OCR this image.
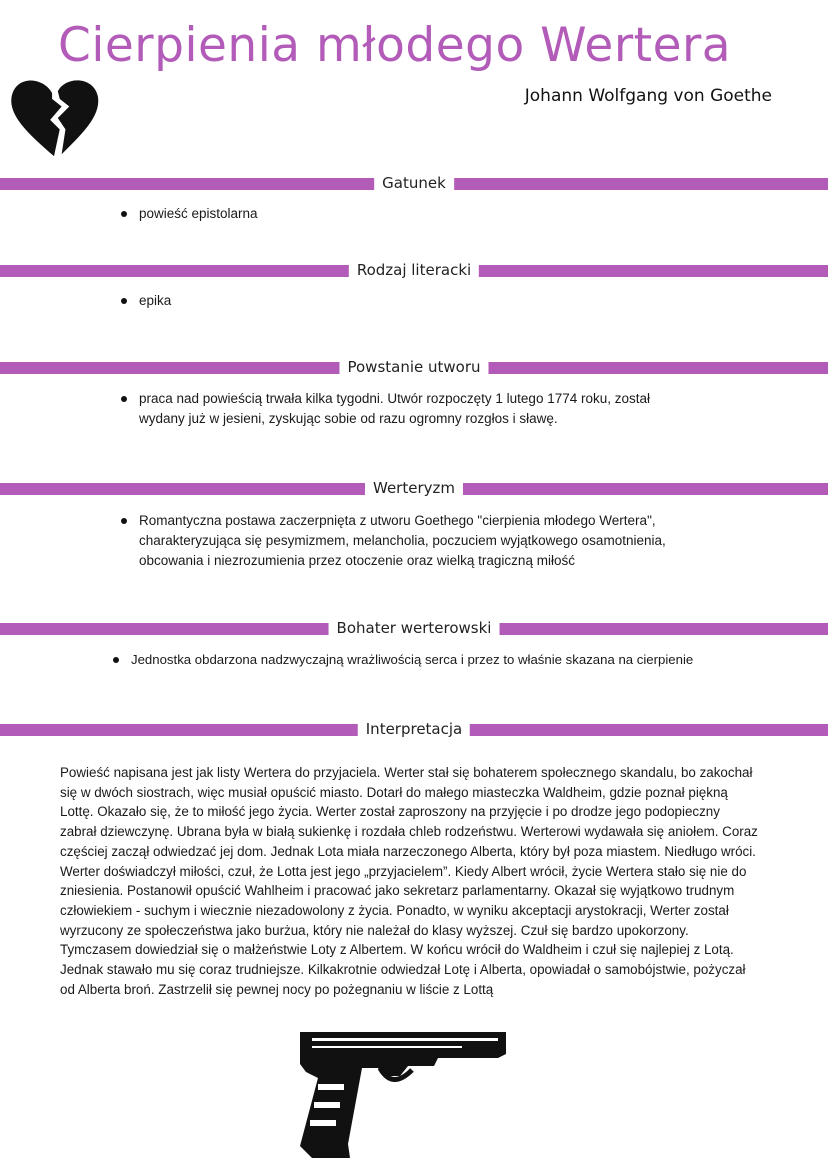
Cierpienia młodego Wertera
Johann Wolfgang von Goethe
Gatunek
powieść epistolarna
Rodzaj literacki
epika
Powstanie utworu
praca nad powieścią trwała kilka tygodni. Utwór rozpoczęty 1 lutego 1774 roku, został wydany już w jesieni, zyskując sobie od razu ogromny rozgłos i sławę.
Werteryzm
Romantyczna postawa zaczerpnięta z utworu Goethego "cierpienia młodego Wertera", charakteryzująca się pesymizmem, melancholia, poczuciem wyjątkowego osamotnienia, obcowania i niezrozumienia przez otoczenie oraz wielką tragiczną miłość
Bohater werterowski
Jednostka obdarzona nadzwyczajną wrażliwością serca i przez to właśnie skazana na cierpienie
Interpretacja

Powieść napisana jest jak listy Wertera do przyjaciela. Werter stał się bohaterem społecznego skandalu, bo zakochał się w dwóch siostrach, więc musiał opuścić miasto. Dotarł do małego miasteczka Waldheim, gdzie poznał piękną Lottę. Okazało się, że to miłość jego życia. Werter został zaproszony na przyjęcie i po drodze jego podopieczny zabrał dziewczynę. Ubrana była w białą sukienkę i rozdała chleb rodzeństwu. Werterowi wydawała się aniołem. Coraz częściej zaczął odwiedzać jej dom. Jednak Lota miała narzeczonego Alberta, który był poza miastem. Niedługo wróci. Werter doświadczył miłości, czuł, że Lotta jest jego „przyjacielem”. Kiedy Albert wrócił, życie Wertera stało się nie do zniesienia. Postanowił opuścić Wahlheim i pracować jako sekretarz parlamentarny. Okazał się wyjątkowo trudnym człowiekiem - suchym i wiecznie niezadowolony z życia. Ponadto, w wyniku akceptacji arystokracji, Werter został wyrzucony ze społeczeństwa jako burżua, który nie należał do klasy wyższej. Czuł się bardzo upokorzony. Tymczasem dowiedział się o małżeństwie Loty z Albertem. W końcu wrócił do Waldheim i czuł się najlepiej z Lotą. Jednak stawało mu się coraz trudniejsze. Kilkakrotnie odwiedzał Lotę i Alberta, opowiadał o samobójstwie, pożyczał od Alberta broń. Zastrzelił się pewnej nocy po pożegnaniu w liście z Lottą
